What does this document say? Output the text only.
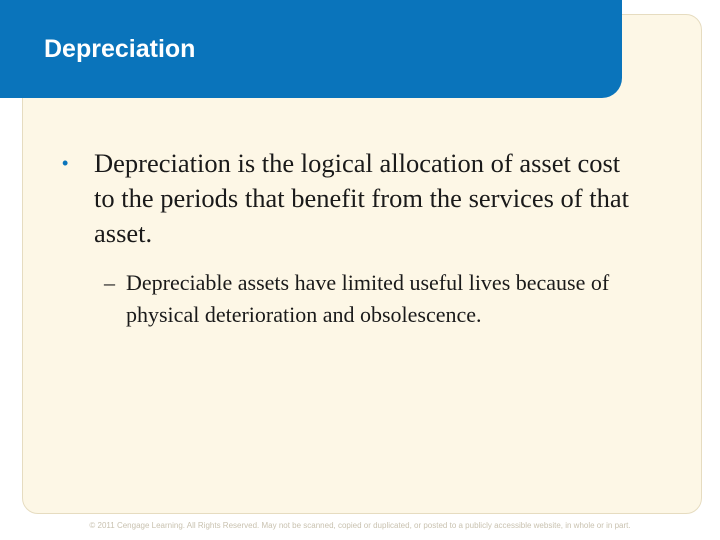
Depreciation
• Depreciation is the logical allocation of asset cost to the periods that benefit from the services of that asset.
– Depreciable assets have limited useful lives because of physical deterioration and obsolescence.
© 2011 Cengage Learning. All Rights Reserved. May not be scanned, copied or duplicated, or posted to a publicly accessible website, in whole or in part.
